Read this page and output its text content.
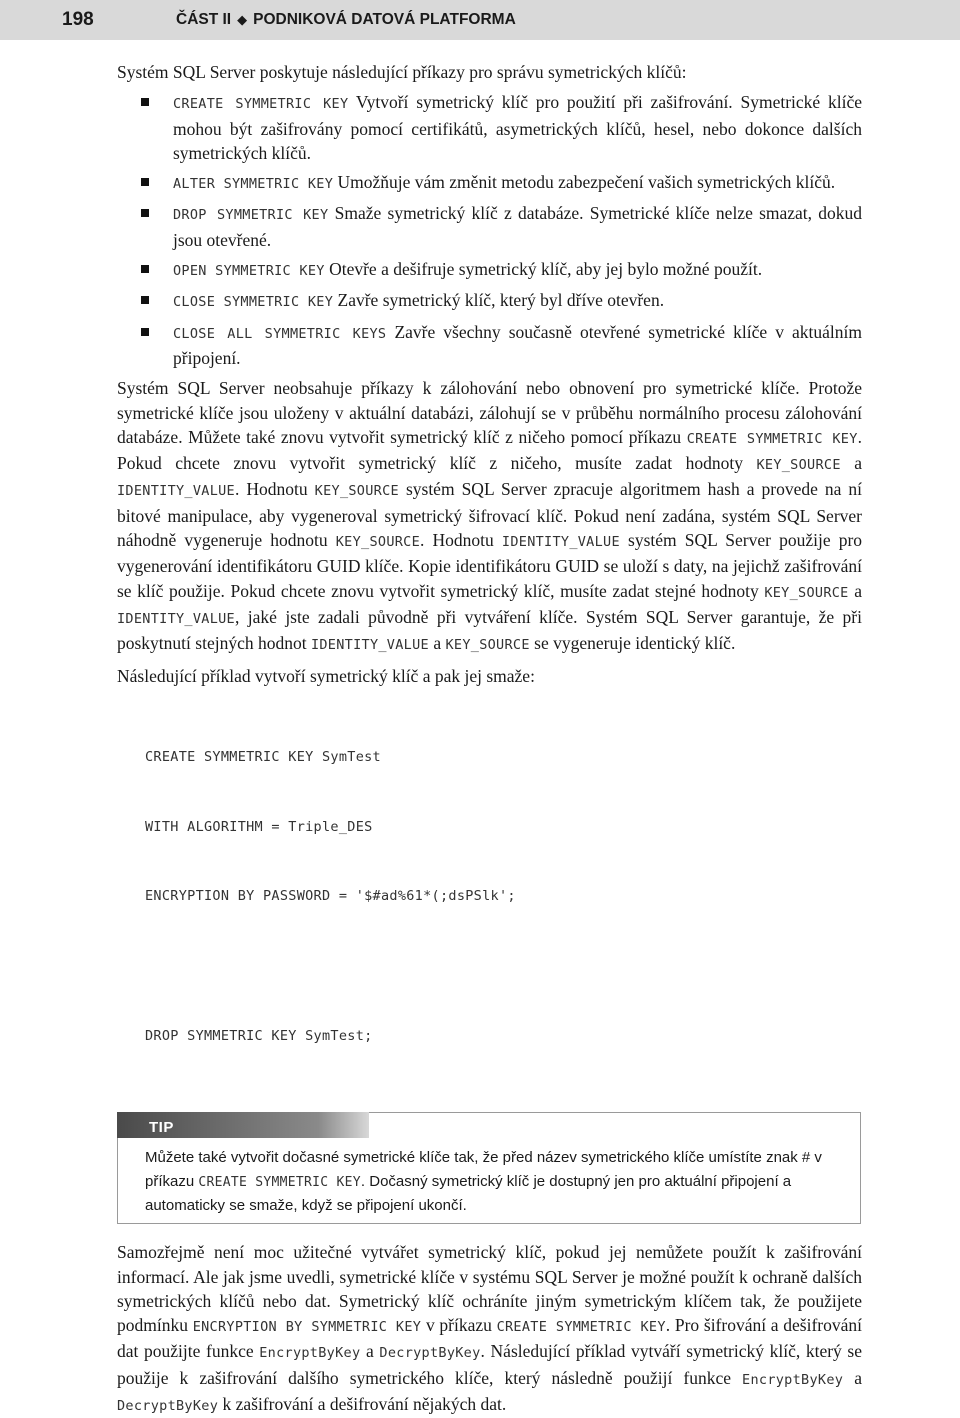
198	ČÁST II ◆ PODNIKOVÁ DATOVÁ PLATFORMA

Systém SQL Server poskytuje následující příkazy pro správu symetrických klíčů:

CREATE SYMMETRIC KEY Vytvoří symetrický klíč pro použití při zašifrování. Symetrické klíče mohou být zašifrovány pomocí certifikátů, asymetrických klíčů, hesel, nebo dokonce dalších symetrických klíčů.
ALTER SYMMETRIC KEY Umožňuje vám změnit metodu zabezpečení vašich symetrických klíčů.
DROP SYMMETRIC KEY Smaže symetrický klíč z databáze. Symetrické klíče nelze smazat, dokud jsou otevřené.
OPEN SYMMETRIC KEY Otevře a dešifruje symetrický klíč, aby jej bylo možné použít.
CLOSE SYMMETRIC KEY Zavře symetrický klíč, který byl dříve otevřen.
CLOSE ALL SYMMETRIC KEYS Zavře všechny současně otevřené symetrické klíče v aktuálním připojení.

Systém SQL Server neobsahuje příkazy k zálohování nebo obnovení pro symetrické klíče. Protože symetrické klíče jsou uloženy v aktuální databázi, zálohují se v průběhu normálního procesu zálohování databáze. Můžete také znovu vytvořit symetrický klíč z ničeho pomocí příkazu CREATE SYMMETRIC KEY. Pokud chcete znovu vytvořit symetrický klíč z ničeho, musíte zadat hodnoty KEY_SOURCE a IDENTITY_VALUE. Hodnotu KEY_SOURCE systém SQL Server zpracuje algoritmem hash a provede na ní bitové manipulace, aby vygeneroval symetrický šifrovací klíč. Pokud není zadána, systém SQL Server náhodně vygeneruje hodnotu KEY_SOURCE. Hodnotu IDENTITY_VALUE systém SQL Server použije pro vygenerování identifikátoru GUID klíče. Kopie identifikátoru GUID se uloží s daty, na jejichž zašifrování se klíč použije. Pokud chcete znovu vytvořit symetrický klíč, musíte zadat stejné hodnoty KEY_SOURCE a IDENTITY_VALUE, jaké jste zadali původně při vytváření klíče. Systém SQL Server garantuje, že při poskytnutí stejných hodnot IDENTITY_VALUE a KEY_SOURCE se vygeneruje identický klíč.

Následující příklad vytvoří symetrický klíč a pak jej smaže:

CREATE SYMMETRIC KEY SymTest

WITH ALGORITHM = Triple_DES

ENCRYPTION BY PASSWORD = '$#ad%61*(;dsPSlk';

DROP SYMMETRIC KEY SymTest;

TIP
Můžete také vytvořit dočasné symetrické klíče tak, že před název symetrického klíče umístíte znak # v příkazu CREATE SYMMETRIC KEY. Dočasný symetrický klíč je dostupný jen pro aktuální připojení a automaticky se smaže, když se připojení ukončí.

Samozřejmě není moc užitečné vytvářet symetrický klíč, pokud jej nemůžete použít k zašifrování informací. Ale jak jsme uvedli, symetrické klíče v systému SQL Server je možné použít k ochraně dalších symetrických klíčů nebo dat. Symetrický klíč ochráníte jiným symetrickým klíčem tak, že použijete podmínku ENCRYPTION BY SYMMETRIC KEY v příkazu CREATE SYMMETRIC KEY. Pro šifrování a dešifrování dat použijte funkce EncryptByKey a DecryptByKey. Následující příklad vytváří symetrický klíč, který se použije k zašifrování dalšího symetrického klíče, který následně použijí funkce EncryptByKey a DecryptByKey k zašifrování a dešifrování nějakých dat.
